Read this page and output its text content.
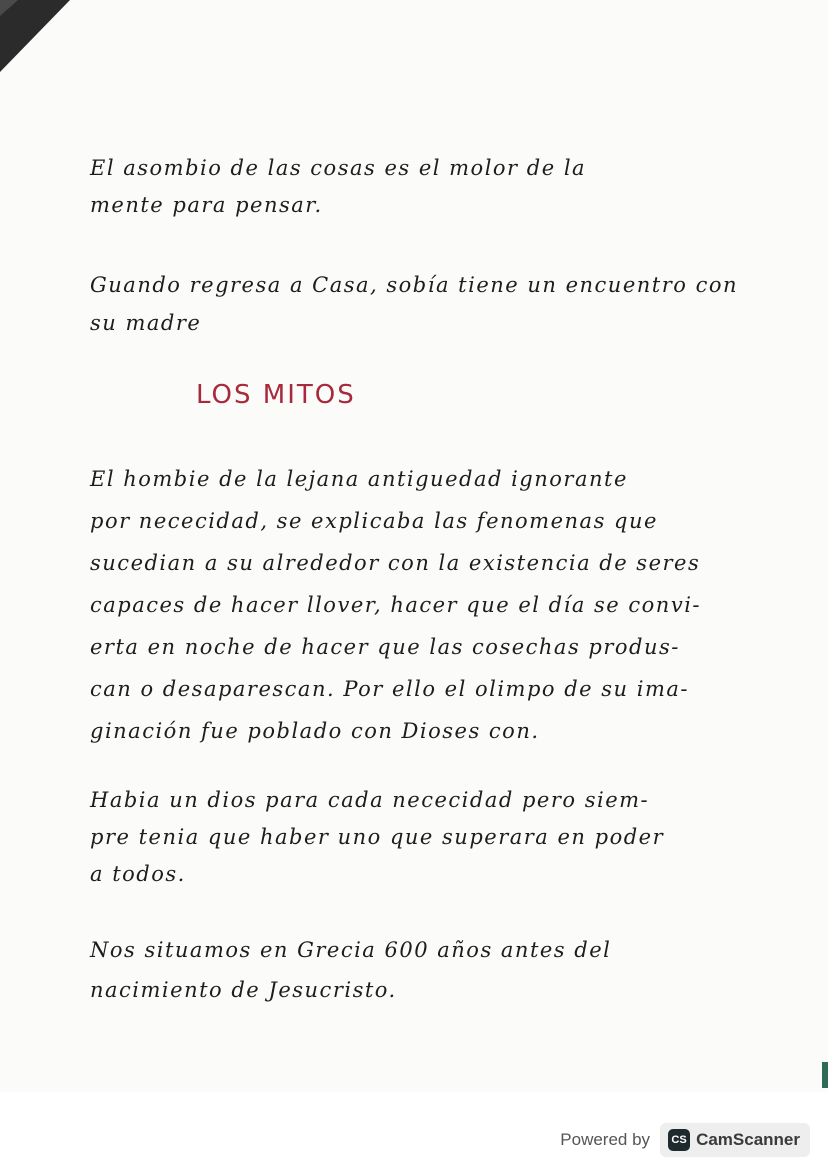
El asombio de las cosas es el molor de la
mente para pensar.

Guando regresa a Casa, sobía tiene un encuentro con
su madre

LOS MITOS

El hombie de la lejana antiguedad ignorante
por nececidad, se explicaba las fenomenas que
sucedian a su alrededor con la existencia de seres
capaces de hacer llover, hacer que el día se convi-
erta en noche de hacer que las cosechas produs-
can o desaparescan. Por ello el olimpo de su ima-
ginación fue poblado con Dioses con.

Habia un dios para cada nececidad pero siem-
pre tenia que haber uno que superara en poder
a todos.

Nos situamos en Grecia 600 años antes del
nacimiento de Jesucristo.

Powered by	CS CamScanner
